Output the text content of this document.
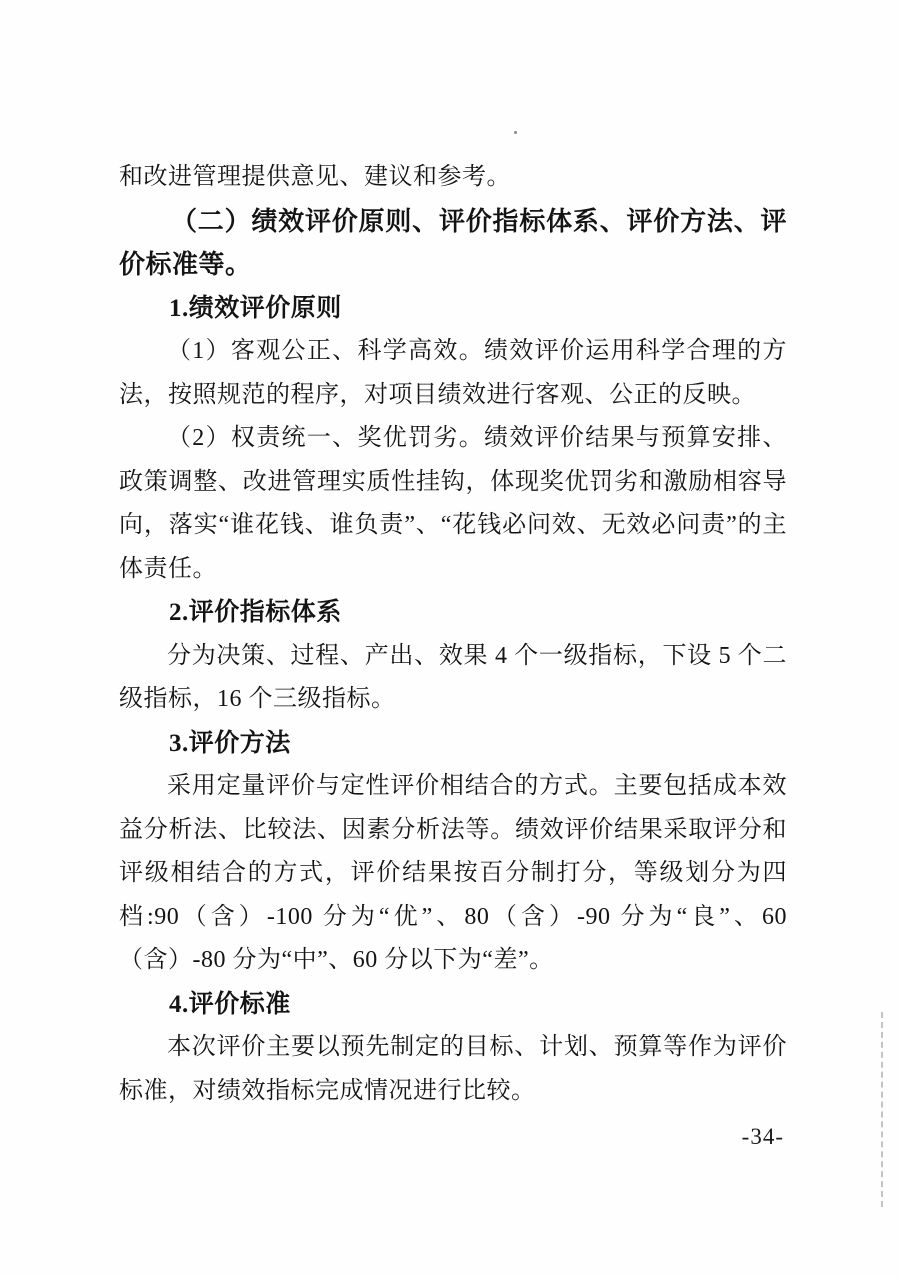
和改进管理提供意见、建议和参考。

（二）绩效评价原则、评价指标体系、评价方法、评价标准等。

1.绩效评价原则

（1）客观公正、科学高效。绩效评价运用科学合理的方法，按照规范的程序，对项目绩效进行客观、公正的反映。

（2）权责统一、奖优罚劣。绩效评价结果与预算安排、政策调整、改进管理实质性挂钩，体现奖优罚劣和激励相容导向，落实“谁花钱、谁负责”、“花钱必问效、无效必问责”的主体责任。

2.评价指标体系

分为决策、过程、产出、效果 4 个一级指标，下设 5 个二级指标，16 个三级指标。

3.评价方法

采用定量评价与定性评价相结合的方式。主要包括成本效益分析法、比较法、因素分析法等。绩效评价结果采取评分和评级相结合的方式，评价结果按百分制打分，等级划分为四档:90（含）-100 分为“优”、80（含）-90 分为“良”、60（含）-80 分为“中”、60 分以下为“差”。

4.评价标准

本次评价主要以预先制定的目标、计划、预算等作为评价标准，对绩效指标完成情况进行比较。

-34-
